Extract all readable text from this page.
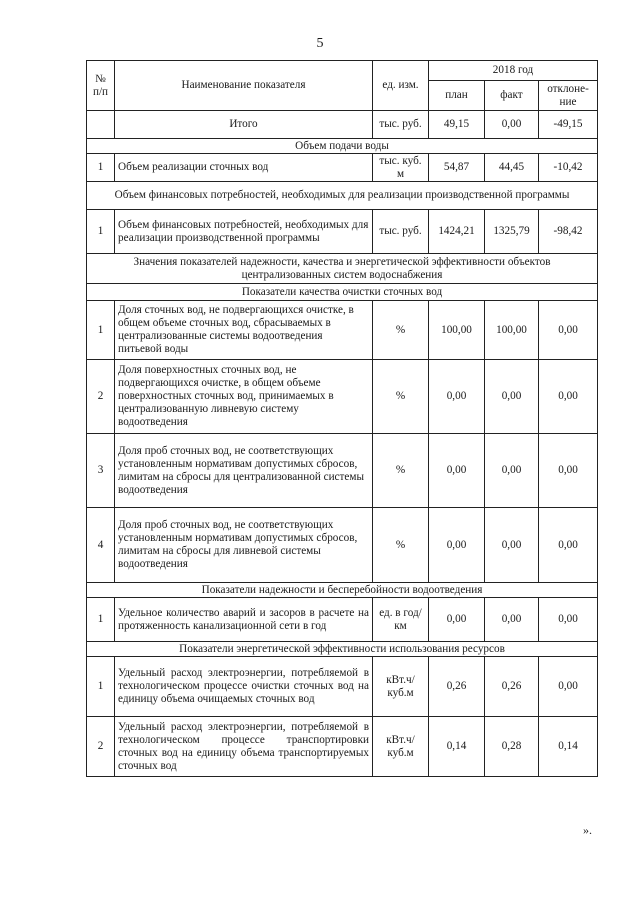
5
№ п/п	Наименование показателя	ед. изм.	2018 год		
			план	факт	отклоне-ние
	Итого	тыс. руб.	49,15	0,00	-49,15
Объем подачи воды					
1	Объем реализации сточных вод	тыс. куб. м	54,87	44,45	-10,42
Объем финансовых потребностей, необходимых для реализации производственной программы					
1	Объем финансовых потребностей, необходимых для реализации производственной программы	тыс. руб.	1424,21	1325,79	-98,42
Значения показателей надежности, качества и энергетической эффективности объектов централизованных систем водоснабжения					
Показатели качества очистки сточных вод					
1	Доля сточных вод, не подвергающихся очистке, в общем объеме сточных вод, сбрасываемых в централизованные системы водоотведения питьевой воды	%	100,00	100,00	0,00
2	Доля поверхностных сточных вод, не подвергающихся очистке, в общем объеме поверхностных сточных вод, принимаемых в централизованную ливневую систему водоотведения	%	0,00	0,00	0,00
3	Доля проб сточных вод, не соответствующих установленным нормативам допустимых сбросов, лимитам на сбросы для централизованной системы водоотведения	%	0,00	0,00	0,00
4	Доля проб сточных вод, не соответствующих установленным нормативам допустимых сбросов, лимитам на сбросы для ливневой системы водоотведения	%	0,00	0,00	0,00
Показатели надежности и бесперебойности водоотведения					
1	Удельное количество аварий и засоров в расчете на протяженность канализационной сети в год	ед. в год/ км	0,00	0,00	0,00
Показатели энергетической эффективности использования ресурсов					
1	Удельный расход электроэнергии, потребляемой в технологическом процессе очистки сточных вод на единицу объема очищаемых сточных вод	кВт.ч/ куб.м	0,26	0,26	0,00
2	Удельный расход электроэнергии, потребляемой в технологическом процессе транспортировки сточных вод на единицу объема транспортируемых сточных вод	кВт.ч/ куб.м	0,14	0,28	0,14
».
